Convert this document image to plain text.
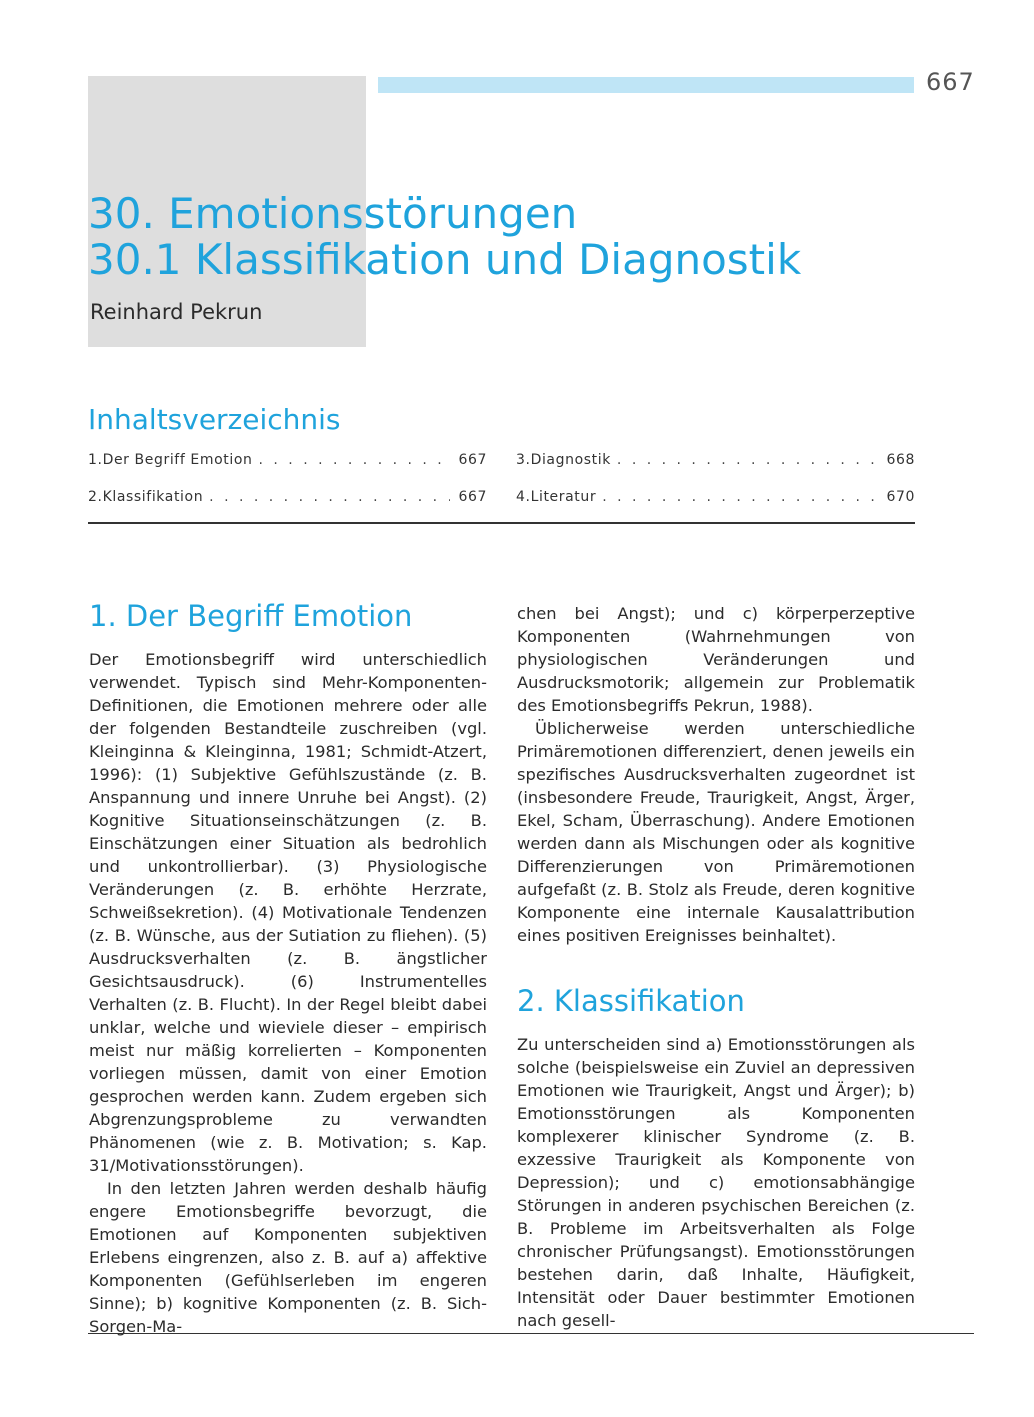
667
30. Emotionsstörungen
30.1 Klassifikation und Diagnostik
Reinhard Pekrun
Inhaltsverzeichnis
1. Der Begriff Emotion . . .	667
2. Klassifikation . . .	667
3. Diagnostik . . .	668
4. Literatur . . .	670
1. Der Begriff Emotion

Der Emotionsbegriff wird unterschiedlich verwendet. Typisch sind Mehr-Komponenten-Definitionen, die Emotionen mehrere oder alle der folgenden Bestandteile zuschreiben (vgl. Kleinginna & Kleinginna, 1981; Schmidt-Atzert, 1996): (1) Subjektive Gefühlszustände (z. B. Anspannung und innere Unruhe bei Angst). (2) Kognitive Situationseinschätzungen (z. B. Einschätzungen einer Situation als bedrohlich und unkontrollierbar). (3) Physiologische Veränderungen (z. B. erhöhte Herzrate, Schweißsekretion). (4) Motivationale Tendenzen (z. B. Wünsche, aus der Sutiation zu fliehen). (5) Ausdrucksverhalten (z. B. ängstlicher Gesichtsausdruck). (6) Instrumentelles Verhalten (z. B. Flucht). In der Regel bleibt dabei unklar, welche und wieviele dieser – empirisch meist nur mäßig korrelierten – Komponenten vorliegen müssen, damit von einer Emotion gesprochen werden kann. Zudem ergeben sich Abgrenzungsprobleme zu verwandten Phänomenen (wie z. B. Motivation; s. Kap. 31/Motivationsstörungen).

In den letzten Jahren werden deshalb häufig engere Emotionsbegriffe bevorzugt, die Emotionen auf Komponenten subjektiven Erlebens eingrenzen, also z. B. auf a) affektive Komponenten (Gefühlserleben im engeren Sinne); b) kognitive Komponenten (z. B. Sich-Sorgen-Ma-

chen bei Angst); und c) körperperzeptive Komponenten (Wahrnehmungen von physiologischen Veränderungen und Ausdrucksmotorik; allgemein zur Problematik des Emotionsbegriffs Pekrun, 1988).

Üblicherweise werden unterschiedliche Primäremotionen differenziert, denen jeweils ein spezifisches Ausdrucksverhalten zugeordnet ist (insbesondere Freude, Traurigkeit, Angst, Ärger, Ekel, Scham, Überraschung). Andere Emotionen werden dann als Mischungen oder als kognitive Differenzierungen von Primäremotionen aufgefaßt (z. B. Stolz als Freude, deren kognitive Komponente eine internale Kausalattribution eines positiven Ereignisses beinhaltet).

2. Klassifikation

Zu unterscheiden sind a) Emotionsstörungen als solche (beispielsweise ein Zuviel an depressiven Emotionen wie Traurigkeit, Angst und Ärger); b) Emotionsstörungen als Komponenten komplexerer klinischer Syndrome (z. B. exzessive Traurigkeit als Komponente von Depression); und c) emotionsabhängige Störungen in anderen psychischen Bereichen (z. B. Probleme im Arbeitsverhalten als Folge chronischer Prüfungsangst). Emotionsstörungen bestehen darin, daß Inhalte, Häufigkeit, Intensität oder Dauer bestimmter Emotionen nach gesell-
